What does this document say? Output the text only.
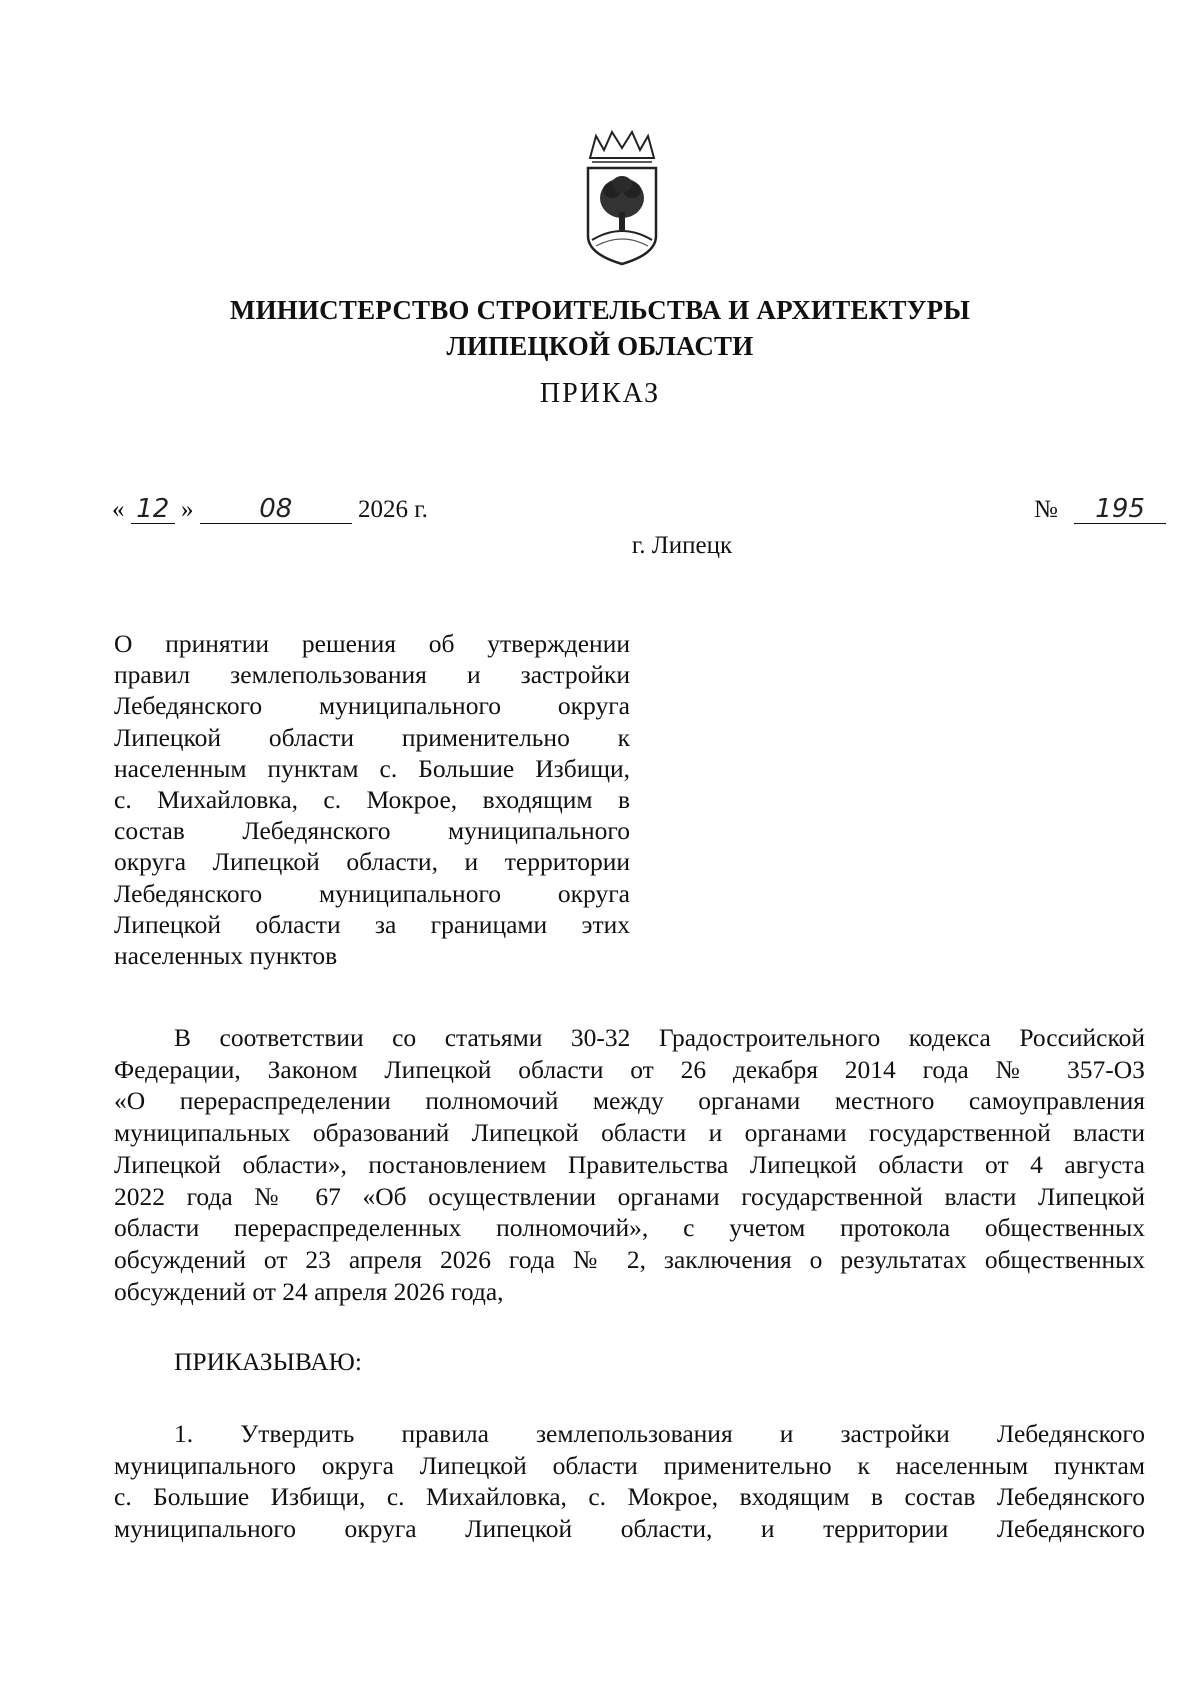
МИНИСТЕРСТВО СТРОИТЕЛЬСТВА И АРХИТЕКТУРЫ
ЛИПЕЦКОЙ ОБЛАСТИ
ПРИКАЗ
« 12 »	08	2026 г.	№ 195
г. Липецк
О принятии решения об утверждении
правил землепользования и застройки
Лебедянского муниципального округа
Липецкой области применительно к
населенным пунктам с. Большие Избищи,
с. Михайловка, с. Мокрое, входящим в
состав Лебедянского муниципального
округа Липецкой области, и территории
Лебедянского муниципального округа
Липецкой области за границами этих
населенных пунктов
В соответствии со статьями 30-32 Градостроительного кодекса Российской
Федерации, Законом Липецкой области от 26 декабря 2014 года № 357-ОЗ
«О перераспределении полномочий между органами местного самоуправления
муниципальных образований Липецкой области и органами государственной власти
Липецкой области», постановлением Правительства Липецкой области от 4 августа
2022 года № 67 «Об осуществлении органами государственной власти Липецкой
области перераспределенных полномочий», с учетом протокола общественных
обсуждений от 23 апреля 2026 года № 2, заключения о результатах общественных
обсуждений от 24 апреля 2026 года,
ПРИКАЗЫВАЮ:
1. Утвердить правила землепользования и застройки Лебедянского
муниципального округа Липецкой области применительно к населенным пунктам
с. Большие Избищи, с. Михайловка, с. Мокрое, входящим в состав Лебедянского
муниципального округа Липецкой области, и территории Лебедянского
